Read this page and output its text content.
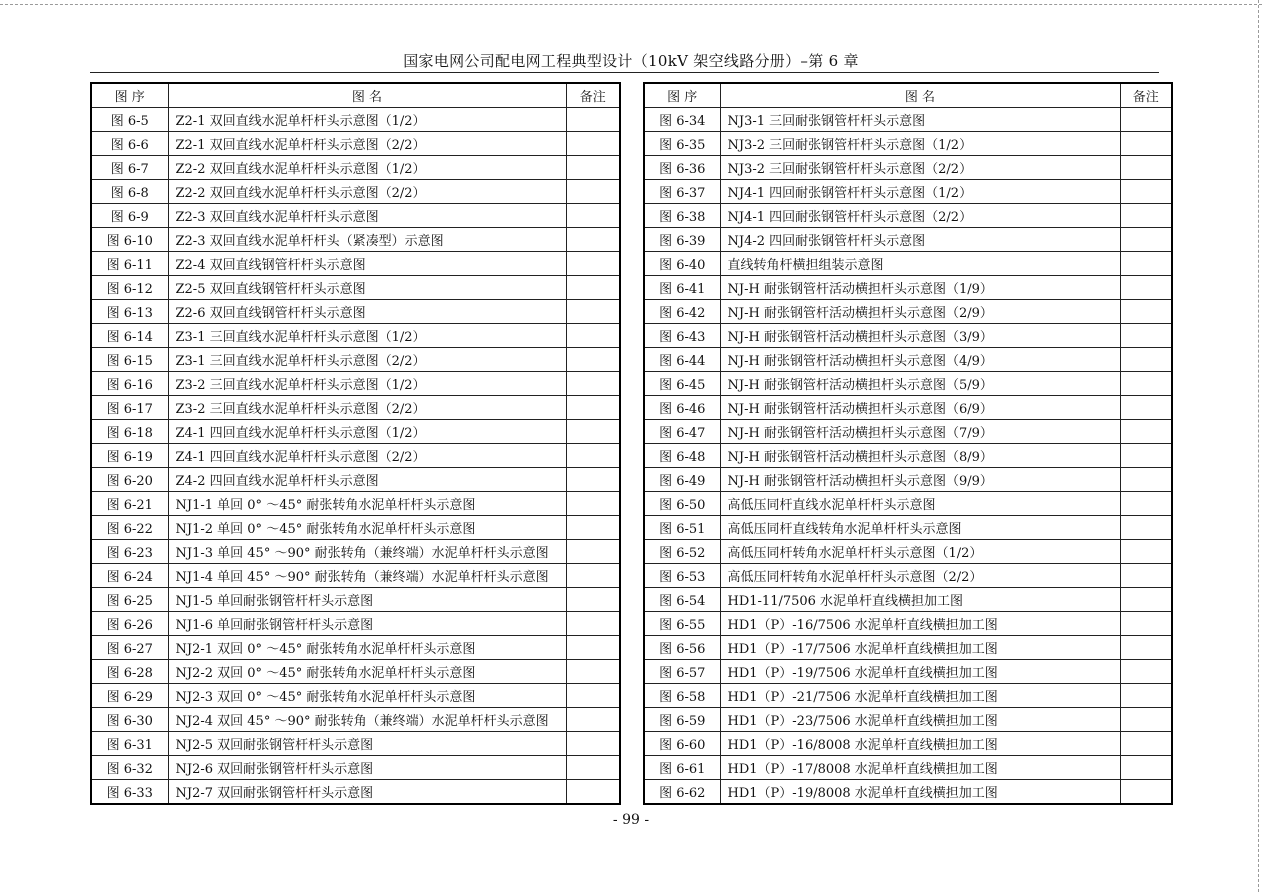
国家电网公司配电网工程典型设计（10kV 架空线路分册）–第 6 章
图 序	图 名	备注
图 6-5	Z2-1 双回直线水泥单杆杆头示意图（1/2）	
图 6-6	Z2-1 双回直线水泥单杆杆头示意图（2/2）	
图 6-7	Z2-2 双回直线水泥单杆杆头示意图（1/2）	
图 6-8	Z2-2 双回直线水泥单杆杆头示意图（2/2）	
图 6-9	Z2-3 双回直线水泥单杆杆头示意图	
图 6-10	Z2-3 双回直线水泥单杆杆头（紧凑型）示意图	
图 6-11	Z2-4 双回直线钢管杆杆头示意图	
图 6-12	Z2-5 双回直线钢管杆杆头示意图	
图 6-13	Z2-6 双回直线钢管杆杆头示意图	
图 6-14	Z3-1 三回直线水泥单杆杆头示意图（1/2）	
图 6-15	Z3-1 三回直线水泥单杆杆头示意图（2/2）	
图 6-16	Z3-2 三回直线水泥单杆杆头示意图（1/2）	
图 6-17	Z3-2 三回直线水泥单杆杆头示意图（2/2）	
图 6-18	Z4-1 四回直线水泥单杆杆头示意图（1/2）	
图 6-19	Z4-1 四回直线水泥单杆杆头示意图（2/2）	
图 6-20	Z4-2 四回直线水泥单杆杆头示意图	
图 6-21	NJ1-1 单回 0° ～45° 耐张转角水泥单杆杆头示意图	
图 6-22	NJ1-2 单回 0° ～45° 耐张转角水泥单杆杆头示意图	
图 6-23	NJ1-3 单回 45° ～90° 耐张转角（兼终端）水泥单杆杆头示意图	
图 6-24	NJ1-4 单回 45° ～90° 耐张转角（兼终端）水泥单杆杆头示意图	
图 6-25	NJ1-5 单回耐张钢管杆杆头示意图	
图 6-26	NJ1-6 单回耐张钢管杆杆头示意图	
图 6-27	NJ2-1 双回 0° ～45° 耐张转角水泥单杆杆头示意图	
图 6-28	NJ2-2 双回 0° ～45° 耐张转角水泥单杆杆头示意图	
图 6-29	NJ2-3 双回 0° ～45° 耐张转角水泥单杆杆头示意图	
图 6-30	NJ2-4 双回 45° ～90° 耐张转角（兼终端）水泥单杆杆头示意图	
图 6-31	NJ2-5 双回耐张钢管杆杆头示意图	
图 6-32	NJ2-6 双回耐张钢管杆杆头示意图	
图 6-33	NJ2-7 双回耐张钢管杆杆头示意图	
图 序	图 名	备注
图 6-34	NJ3-1 三回耐张钢管杆杆头示意图	
图 6-35	NJ3-2 三回耐张钢管杆杆头示意图（1/2）	
图 6-36	NJ3-2 三回耐张钢管杆杆头示意图（2/2）	
图 6-37	NJ4-1 四回耐张钢管杆杆头示意图（1/2）	
图 6-38	NJ4-1 四回耐张钢管杆杆头示意图（2/2）	
图 6-39	NJ4-2 四回耐张钢管杆杆头示意图	
图 6-40	直线转角杆横担组装示意图	
图 6-41	NJ-H 耐张钢管杆活动横担杆头示意图（1/9）	
图 6-42	NJ-H 耐张钢管杆活动横担杆头示意图（2/9）	
图 6-43	NJ-H 耐张钢管杆活动横担杆头示意图（3/9）	
图 6-44	NJ-H 耐张钢管杆活动横担杆头示意图（4/9）	
图 6-45	NJ-H 耐张钢管杆活动横担杆头示意图（5/9）	
图 6-46	NJ-H 耐张钢管杆活动横担杆头示意图（6/9）	
图 6-47	NJ-H 耐张钢管杆活动横担杆头示意图（7/9）	
图 6-48	NJ-H 耐张钢管杆活动横担杆头示意图（8/9）	
图 6-49	NJ-H 耐张钢管杆活动横担杆头示意图（9/9）	
图 6-50	高低压同杆直线水泥单杆杆头示意图	
图 6-51	高低压同杆直线转角水泥单杆杆头示意图	
图 6-52	高低压同杆转角水泥单杆杆头示意图（1/2）	
图 6-53	高低压同杆转角水泥单杆杆头示意图（2/2）	
图 6-54	HD1-11/7506 水泥单杆直线横担加工图	
图 6-55	HD1（P）-16/7506 水泥单杆直线横担加工图	
图 6-56	HD1（P）-17/7506 水泥单杆直线横担加工图	
图 6-57	HD1（P）-19/7506 水泥单杆直线横担加工图	
图 6-58	HD1（P）-21/7506 水泥单杆直线横担加工图	
图 6-59	HD1（P）-23/7506 水泥单杆直线横担加工图	
图 6-60	HD1（P）-16/8008 水泥单杆直线横担加工图	
图 6-61	HD1（P）-17/8008 水泥单杆直线横担加工图	
图 6-62	HD1（P）-19/8008 水泥单杆直线横担加工图	
- 99 -
